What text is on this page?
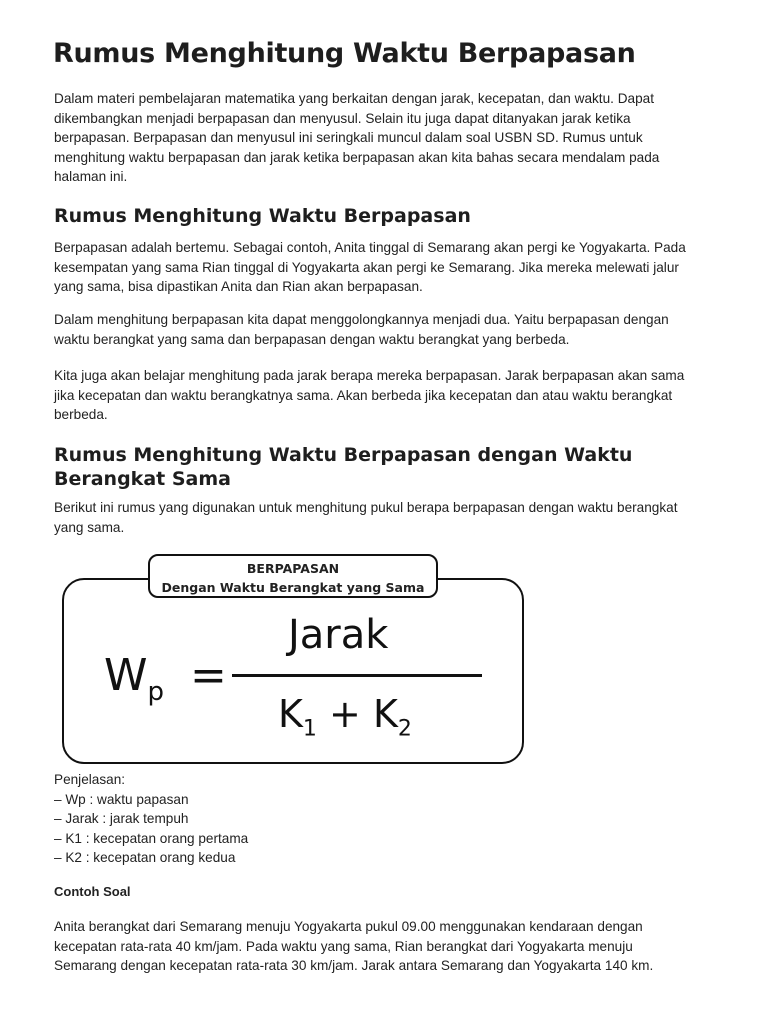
Rumus Menghitung Waktu Berpapasan
Dalam materi pembelajaran matematika yang berkaitan dengan jarak, kecepatan, dan waktu. Dapat
dikembangkan menjadi berpapasan dan menyusul. Selain itu juga dapat ditanyakan jarak ketika
berpapasan. Berpapasan dan menyusul ini seringkali muncul dalam soal USBN SD. Rumus untuk
menghitung waktu berpapasan dan jarak ketika berpapasan akan kita bahas secara mendalam pada
halaman ini.
Rumus Menghitung Waktu Berpapasan
Berpapasan adalah bertemu. Sebagai contoh, Anita tinggal di Semarang akan pergi ke Yogyakarta. Pada
kesempatan yang sama Rian tinggal di Yogyakarta akan pergi ke Semarang. Jika mereka melewati jalur
yang sama, bisa dipastikan Anita dan Rian akan berpapasan.
Dalam menghitung berpapasan kita dapat menggolongkannya menjadi dua. Yaitu berpapasan dengan
waktu berangkat yang sama dan berpapasan dengan waktu berangkat yang berbeda.
Kita juga akan belajar menghitung pada jarak berapa mereka berpapasan. Jarak berpapasan akan sama
jika kecepatan dan waktu berangkatnya sama. Akan berbeda jika kecepatan dan atau waktu berangkat
berbeda.
Rumus Menghitung Waktu Berpapasan dengan Waktu
Berangkat Sama
Berikut ini rumus yang digunakan untuk menghitung pukul berapa berpapasan dengan waktu berangkat
yang sama.
BERPAPASAN
Dengan Waktu Berangkat yang Sama
$W_p$ =
Jarak
$K_1 + K_2$
Penjelasan:
– Wp : waktu papasan
– Jarak : jarak tempuh
– K1 : kecepatan orang pertama
– K2 : kecepatan orang kedua
Contoh Soal
Anita berangkat dari Semarang menuju Yogyakarta pukul 09.00 menggunakan kendaraan dengan
kecepatan rata-rata 40 km/jam. Pada waktu yang sama, Rian berangkat dari Yogyakarta menuju
Semarang dengan kecepatan rata-rata 30 km/jam. Jarak antara Semarang dan Yogyakarta 140 km.
